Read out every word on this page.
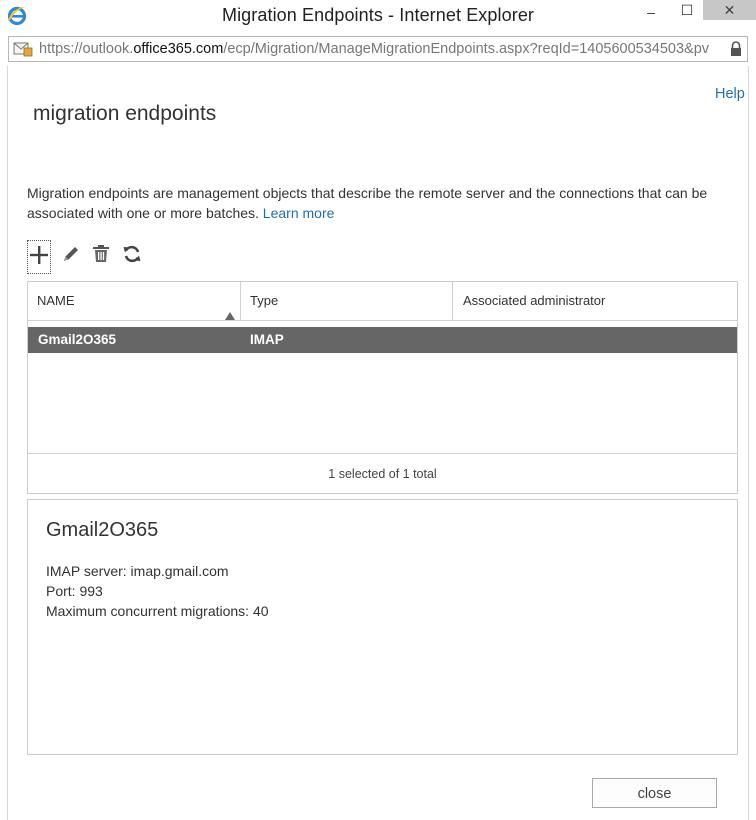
Migration Endpoints - Internet Explorer	–	☐	✕
https://outlook.office365.com/ecp/Migration/ManageMigrationEndpoints.aspx?reqId=1405600534503&pv
Help
migration endpoints
Migration endpoints are management objects that describe the remote server and the connections that can be associated with one or more batches. Learn more
NAME	Type	Associated administrator
Gmail2O365	IMAP
1 selected of 1 total
Gmail2O365
IMAP server: imap.gmail.com
Port: 993
Maximum concurrent migrations: 40
close
